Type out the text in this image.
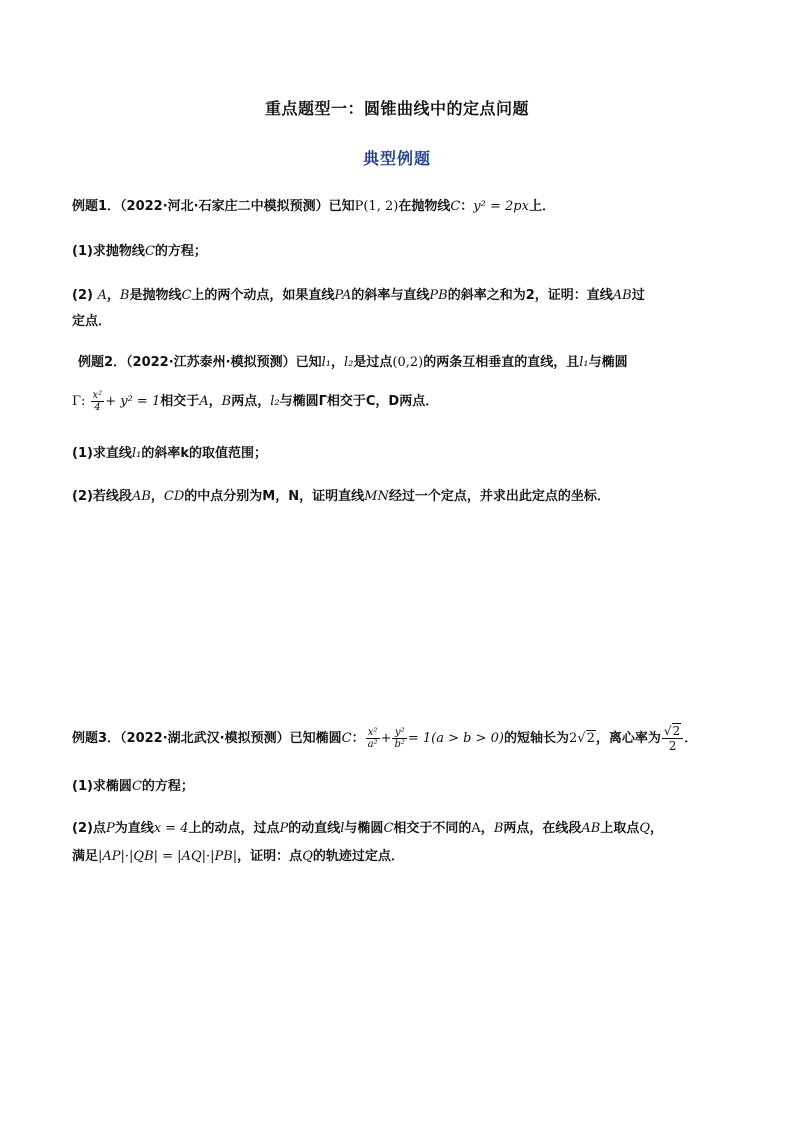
重点题型一：圆锥曲线中的定点问题
典型例题
例题1．（2022·河北·石家庄二中模拟预测）已知P(1, 2)在抛物线C：y² = 2px上．
(1)求抛物线C的方程；
(2) A，B是抛物线C上的两个动点，如果直线PA的斜率与直线PB的斜率之和为2，证明：直线AB过
定点．
例题2．（2022·江苏泰州·模拟预测）已知l₁，l₂是过点(0,2)的两条互相垂直的直线，且l₁与椭圆
Γ: $\frac{\text{x²}}{4} + y^2 = 1$相交于A，B两点，l₂与椭圆Γ相交于C，D两点．
(1)求直线l₁的斜率k的取值范围；
(2)若线段AB，CD的中点分别为M，N，证明直线MN经过一个定点，并求出此定点的坐标．
例题3．（2022·湖北武汉·模拟预测）已知椭圆C： $\frac{\text{x²}}{\text{a²}} + \frac{\text{y²}}{\text{b²}} = 1(a > b > 0)$的短轴长为2√2，离心率为 $\frac{√2}{2}$ ．
(1)求椭圆C的方程；
(2)点P为直线x = 4上的动点，过点P的动直线l与椭圆C相交于不同的A，B两点，在线段AB上取点Q，
满足|AP|·|QB| = |AQ|·|PB|，证明：点Q的轨迹过定点．
